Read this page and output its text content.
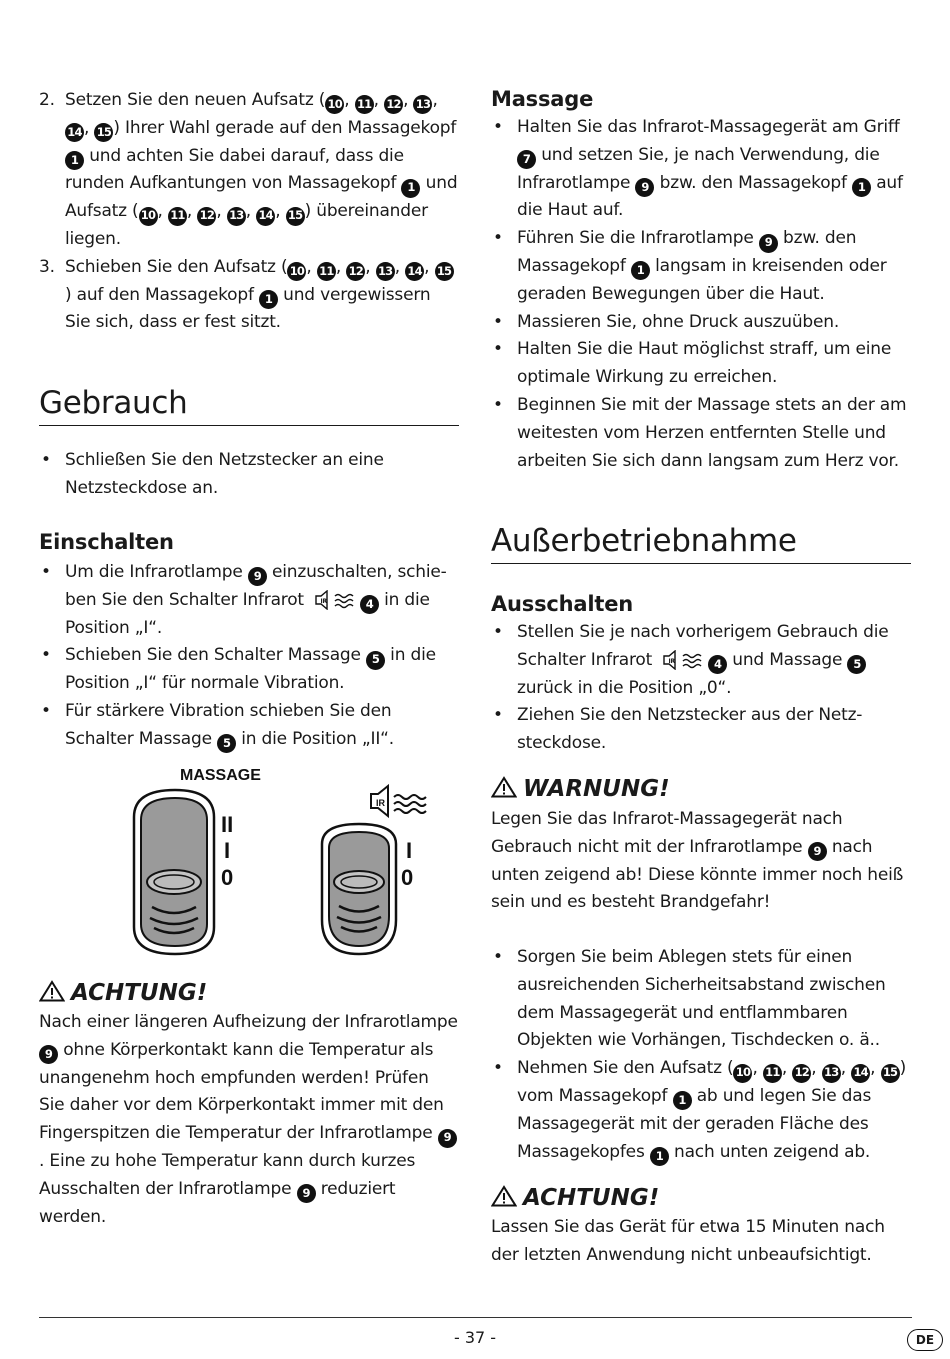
2. Setzen Sie den neuen Aufsatz ( 10 , 11 , 12 , 13 , 14 , 15 ) Ihrer Wahl gerade auf den Massagekopf 1 und achten Sie dabei darauf, dass die runden Aufkantungen von Massagekopf 1 und Aufsatz ( 10 , 11 , 12 , 13 , 14 , 15 ) übereinander liegen.
3. Schieben Sie den Aufsatz ( 10 , 11 , 12 , 13 , 14 , 15) auf den Massagekopf 1 und vergewissern Sie sich, dass er fest sitzt.
Gebrauch
• Schließen Sie den Netzstecker an eine Netzsteckdose an.
Einschalten
• Um die Infrarotlampe 9 einzuschalten, schieben Sie den Schalter Infrarot	IR	4 in die Position „I“.
• Schieben Sie den Schalter Massage 5 in die Position „I“ für normale Vibration.
• Für stärkere Vibration schieben Sie den Schalter Massage 5 in die Position „II“.
MASSAGE
II
I
0
IR
I
0
ACHTUNG!

Nach einer längeren Aufheizung der Infrarotlampe 9 ohne Körperkontakt kann die Temperatur als unangenehm hoch empfunden werden! Prüfen Sie daher vor dem Körperkontakt immer mit den Fingerspitzen die Temperatur der Infrarotlampe 9. Eine zu hohe Temperatur kann durch kurzes Ausschalten der Infrarotlampe 9 reduziert werden.

Massage
• Halten Sie das Infrarot-Massagegerät am Griff 7 und setzen Sie, je nach Verwendung, die Infrarotlampe 9 bzw. den Massagekopf 1 auf die Haut auf.
• Führen Sie die Infrarotlampe 9 bzw. den Massagekopf 1 langsam in kreisenden oder geraden Bewegungen über die Haut.
• Massieren Sie, ohne Druck auszuüben.
• Halten Sie die Haut möglichst straff, um eine optimale Wirkung zu erreichen.
• Beginnen Sie mit der Massage stets an der am weitesten vom Herzen entfernten Stelle und arbeiten Sie sich dann langsam zum Herz vor.
Außerbetriebnahme
Ausschalten
• Stellen Sie je nach vorherigem Gebrauch die Schalter Infrarot	IR	4 und Massage 5 zurück in die Position „0“.
• Ziehen Sie den Netzstecker aus der Netzsteckdose.
WARNUNG!

Legen Sie das Infrarot-Massagegerät nach Gebrauch nicht mit der Infrarotlampe 9 nach unten zeigend ab! Diese könnte immer noch heiß sein und es besteht Brandgefahr!

• Sorgen Sie beim Ablegen stets für einen ausreichenden Sicherheitsabstand zwischen dem Massagegerät und entflammbaren Objekten wie Vorhängen, Tischdecken o. ä..
• Nehmen Sie den Aufsatz ( 10 , 11 , 12 , 13 , 14 , 15 ) vom Massagekopf 1 ab und legen Sie das Massagegerät mit der geraden Fläche des Massagekopfes 1 nach unten zeigend ab.
ACHTUNG!

Lassen Sie das Gerät für etwa 15 Minuten nach der letzten Anwendung nicht unbeaufsichtigt.

- 37 -	DE
